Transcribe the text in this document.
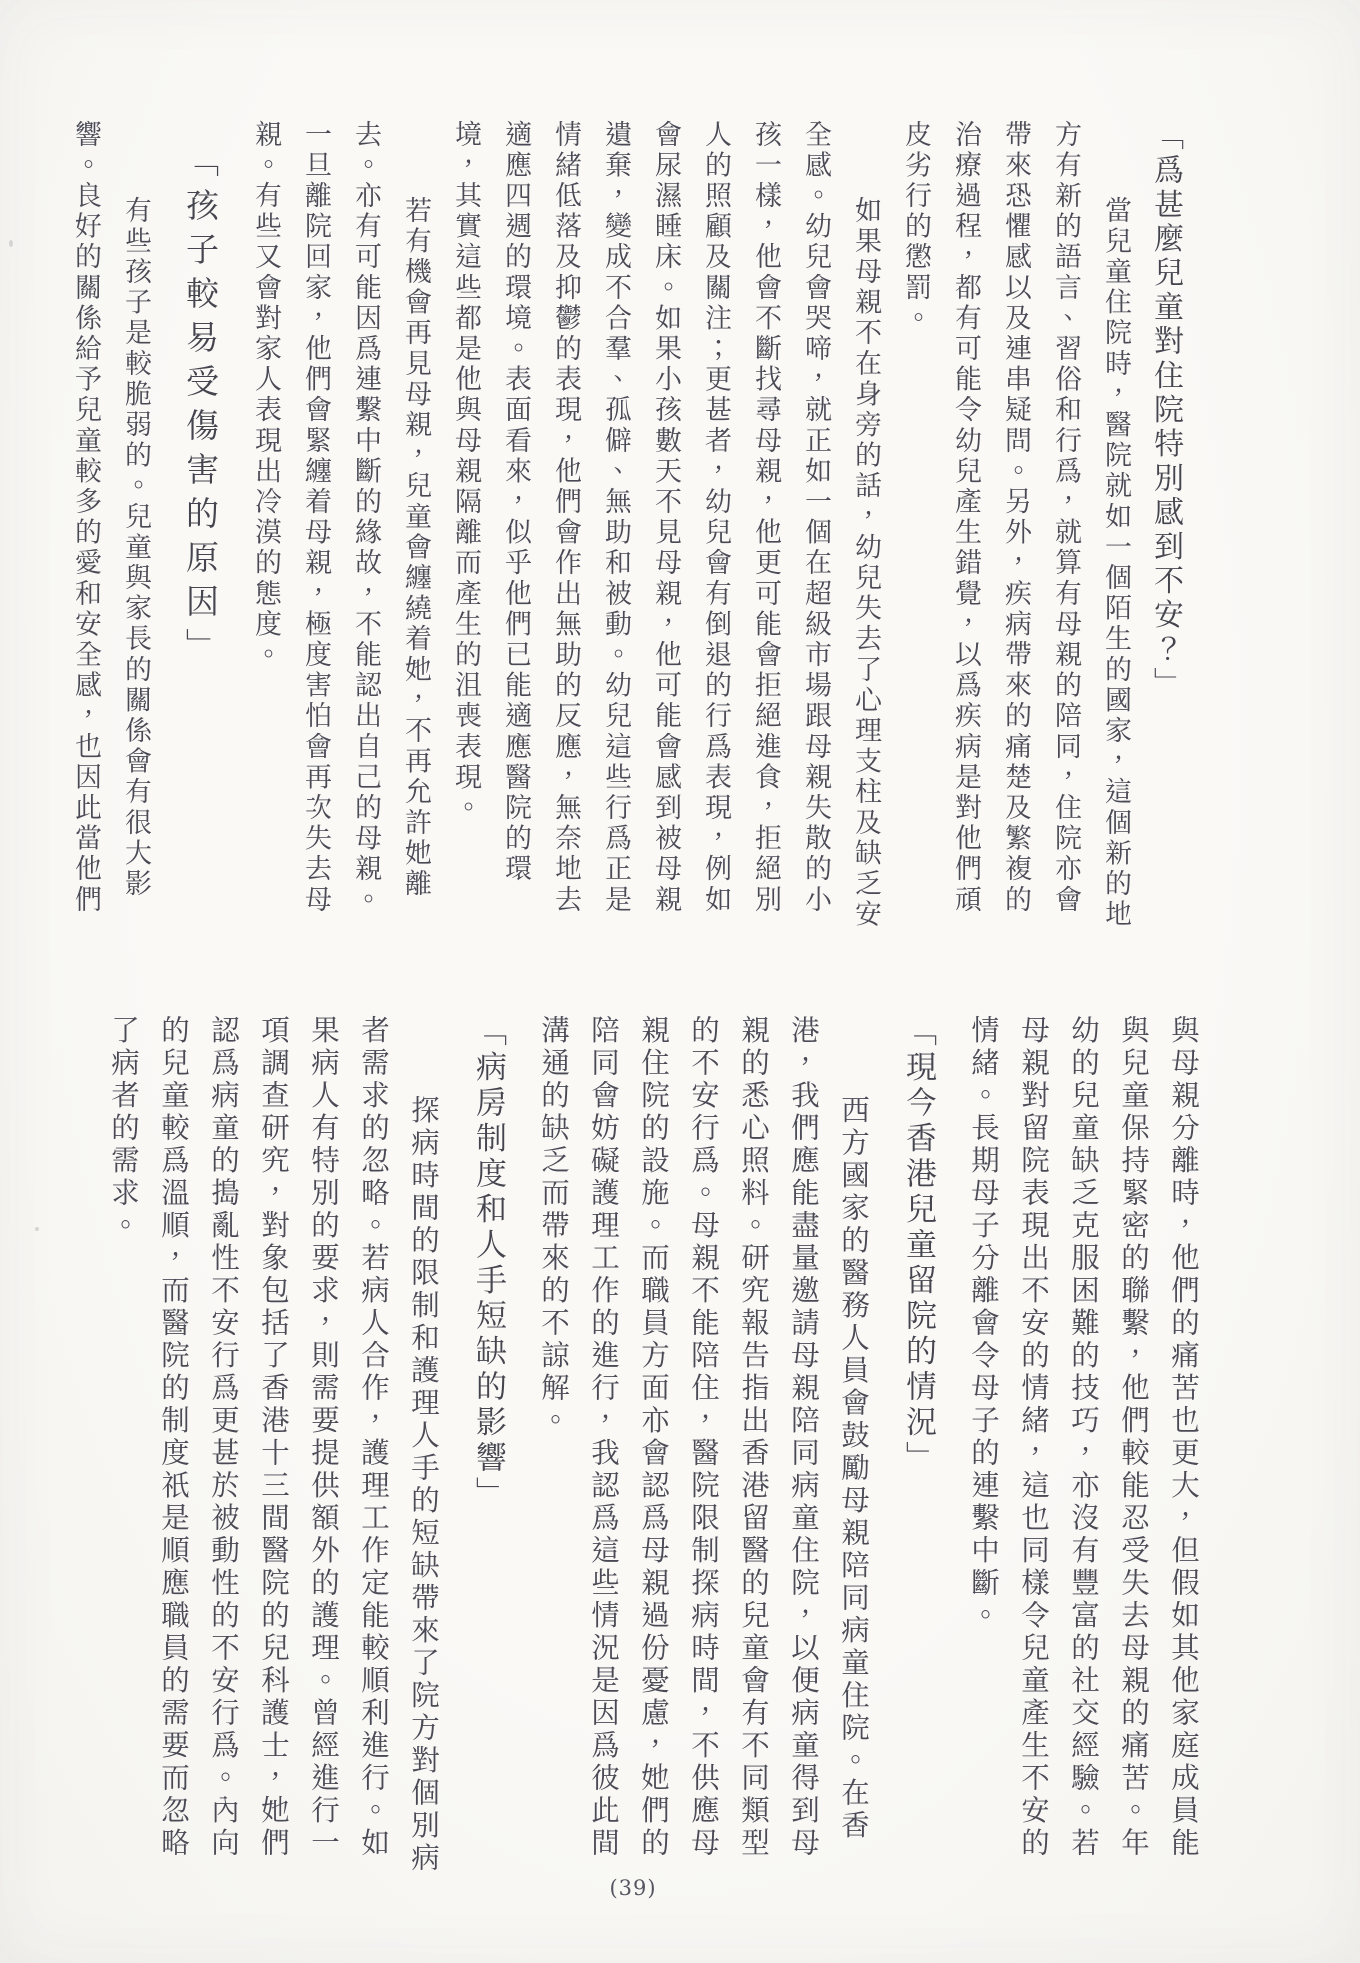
「爲甚麼兒童對住院特別感到不安？」
當兒童住院時，醫院就如一個陌生的國家，這個新的地
方有新的語言、習俗和行爲，就算有母親的陪同，住院亦會
帶來恐懼感以及連串疑問。另外，疾病帶來的痛楚及繁複的
治療過程，都有可能令幼兒產生錯覺，以爲疾病是對他們頑
皮劣行的懲罰。
如果母親不在身旁的話，幼兒失去了心理支柱及缺乏安
全感。幼兒會哭啼，就正如一個在超級市場跟母親失散的小
孩一樣，他會不斷找尋母親，他更可能會拒絕進食，拒絕別
人的照顧及關注；更甚者，幼兒會有倒退的行爲表現，例如
會尿濕睡床。如果小孩數天不見母親，他可能會感到被母親
遺棄，變成不合羣、孤僻、無助和被動。幼兒這些行爲正是
情緒低落及抑鬱的表現，他們會作出無助的反應，無奈地去
適應四週的環境。表面看來，似乎他們已能適應醫院的環
境，其實這些都是他與母親隔離而產生的沮喪表現。
若有機會再見母親，兒童會纏繞着她，不再允許她離
去。亦有可能因爲連繫中斷的緣故，不能認出自己的母親。
一旦離院回家，他們會緊纏着母親，極度害怕會再次失去母
親。有些又會對家人表現出冷漠的態度。
「孩子較易受傷害的原因」
有些孩子是較脆弱的。兒童與家長的關係會有很大影
響。良好的關係給予兒童較多的愛和安全感，也因此當他們
與母親分離時，他們的痛苦也更大，但假如其他家庭成員能
與兒童保持緊密的聯繫，他們較能忍受失去母親的痛苦。年
幼的兒童缺乏克服困難的技巧，亦沒有豐富的社交經驗。若
母親對留院表現出不安的情緒，這也同樣令兒童產生不安的
情緒。長期母子分離會令母子的連繫中斷。
「現今香港兒童留院的情況」
西方國家的醫務人員會鼓勵母親陪同病童住院。在香
港，我們應能盡量邀請母親陪同病童住院，以便病童得到母
親的悉心照料。研究報告指出香港留醫的兒童會有不同類型
的不安行爲。母親不能陪住，醫院限制探病時間，不供應母
親住院的設施。而職員方面亦會認爲母親過份憂慮，她們的
陪同會妨礙護理工作的進行，我認爲這些情況是因爲彼此間
溝通的缺乏而帶來的不諒解。
「病房制度和人手短缺的影響」
探病時間的限制和護理人手的短缺帶來了院方對個別病
者需求的忽略。若病人合作，護理工作定能較順利進行。如
果病人有特別的要求，則需要提供額外的護理。曾經進行一
項調查研究，對象包括了香港十三間醫院的兒科護士，她們
認爲病童的搗亂性不安行爲更甚於被動性的不安行爲。內向
的兒童較爲溫順，而醫院的制度祇是順應職員的需要而忽略
了病者的需求。
(39)
